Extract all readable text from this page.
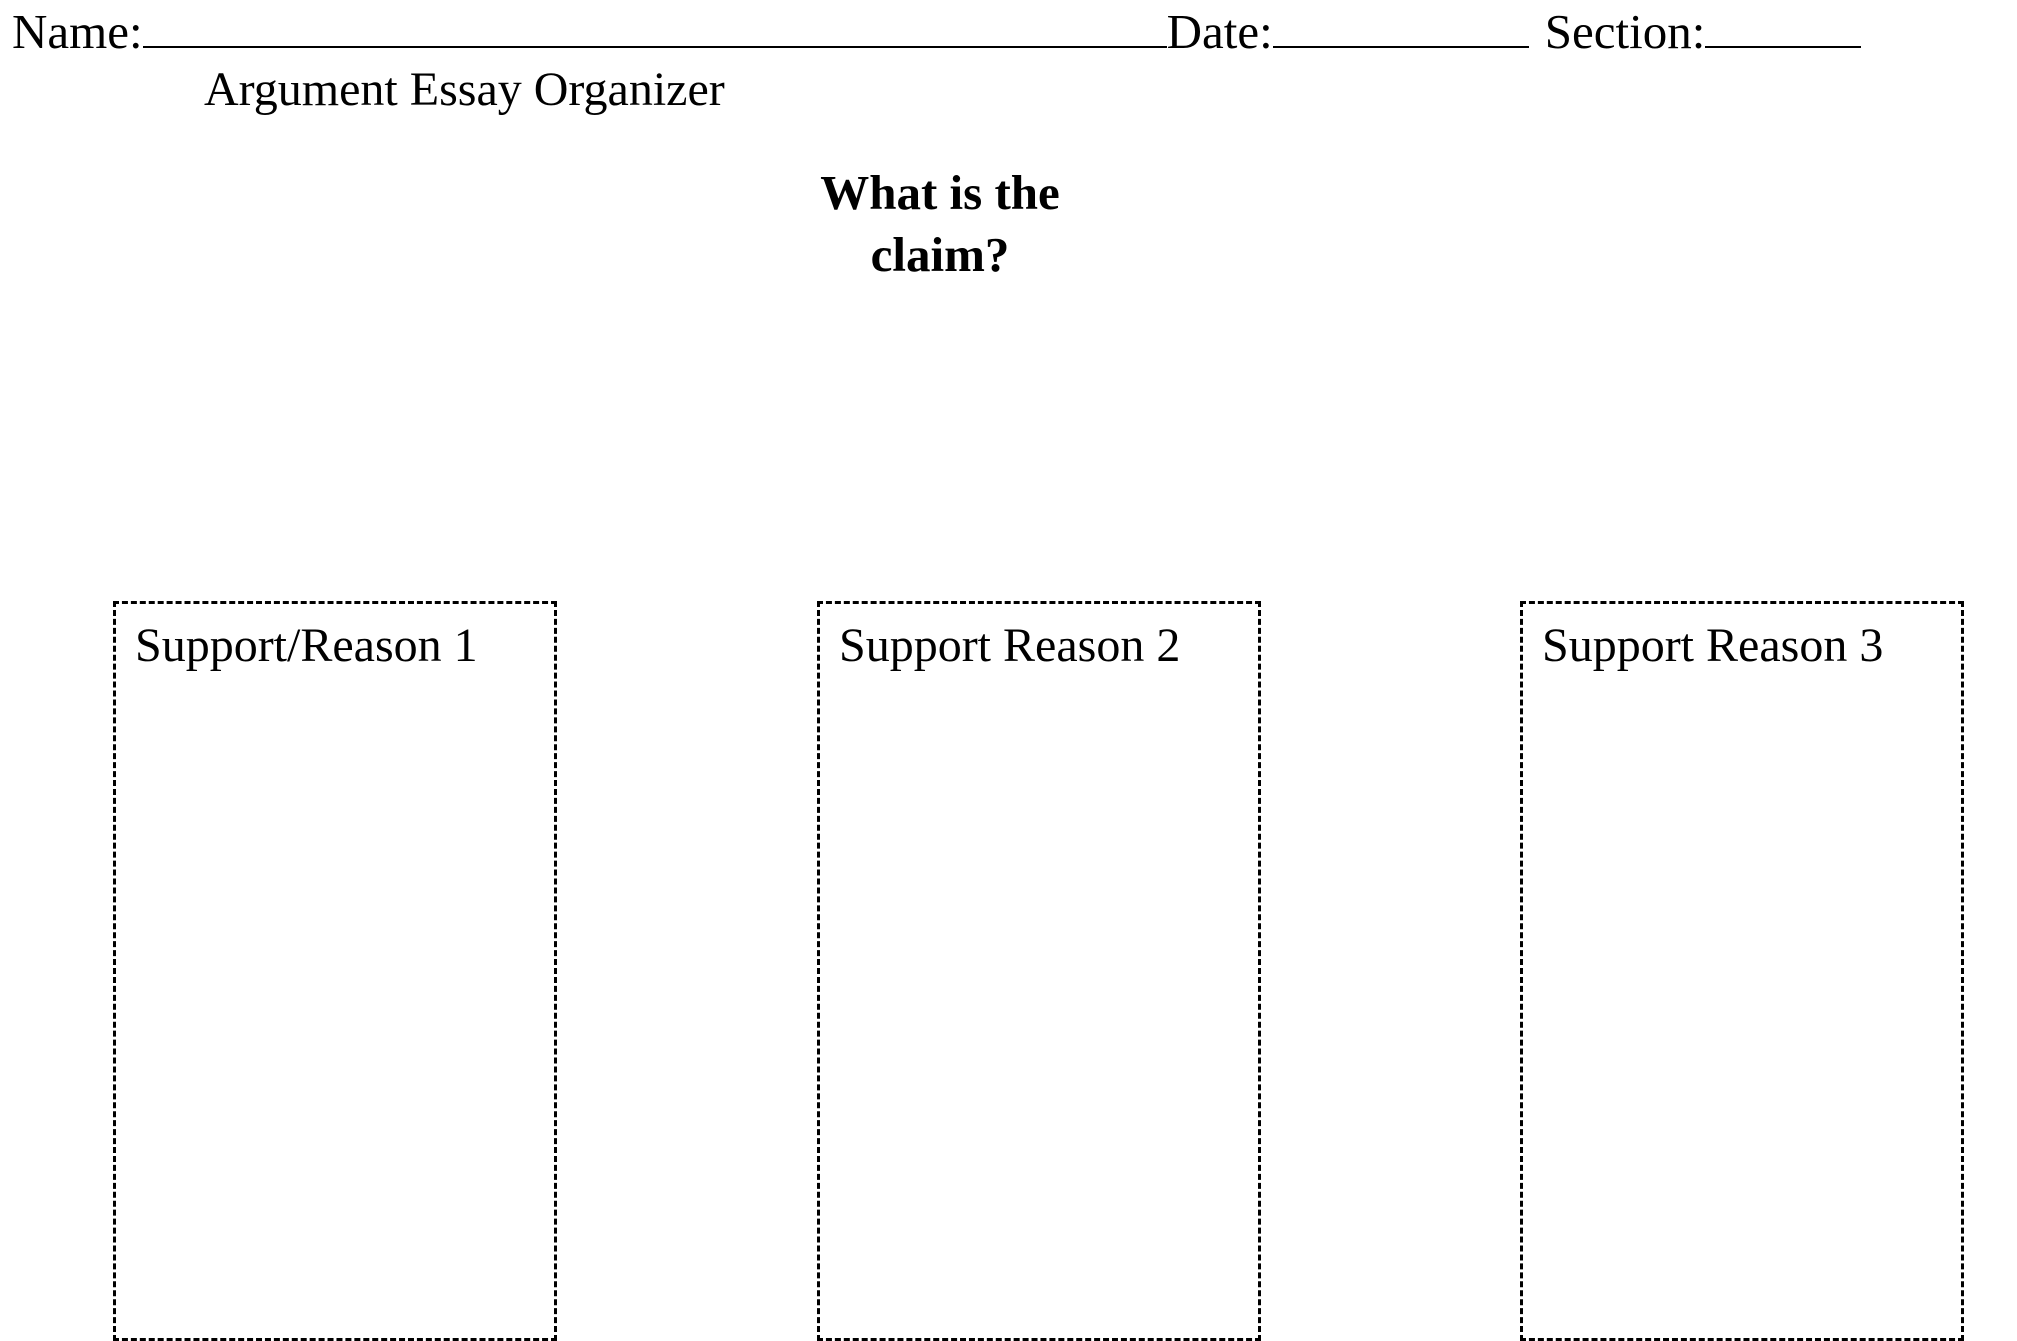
Name:	Date:	Section:
Argument Essay Organizer
What is the
claim?
Support/Reason 1	Support Reason 2	Support Reason 3
